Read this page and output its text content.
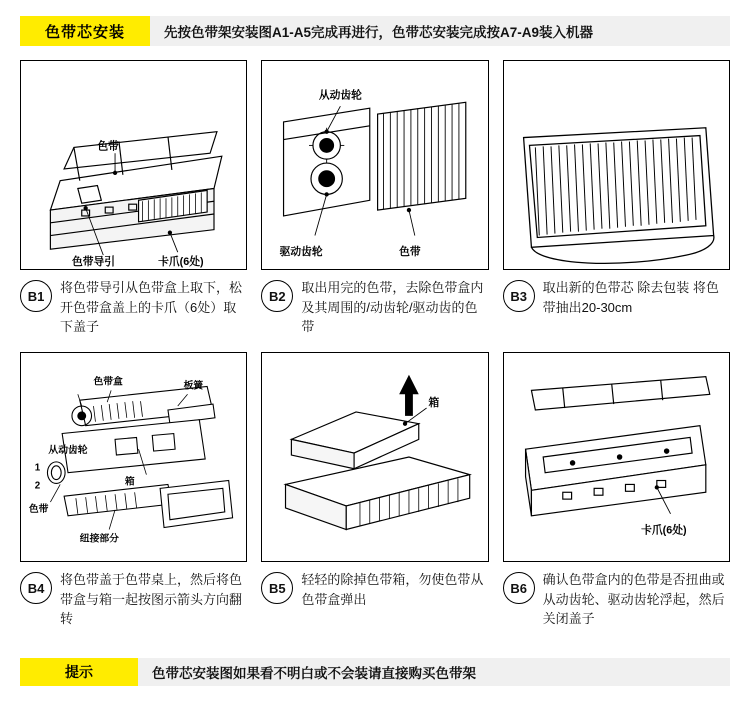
色带芯安装	先按色带架安装图A1-A5完成再进行，色带芯安装完成按A7-A9装入机器
色带
卡爪(6处)
色带导引
B1
将色带导引从色带盒上取下，松开色带盒盖上的卡爪（6处）取下盖子
从动齿轮
驱动齿轮	色带
B2
取出用完的色带，去除色带盒内及其周围的/动齿轮/驱动齿的色带
B3
取出新的色带芯 除去包装 将色带抽出20-30cm
从动齿轮
色带盒	板簧
箱
色带
纽接部分
1
2
B4
将色带盖于色带桌上，然后将色带盒与箱一起按图示箭头方向翻转
箱
B5
轻轻的除掉色带箱，勿使色带从色带盒弹出
卡爪(6处)
B6
确认色带盒内的色带是否扭曲或从动齿轮、驱动齿轮浮起，然后关闭盖子
提示	色带芯安装图如果看不明白或不会装请直接购买色带架
